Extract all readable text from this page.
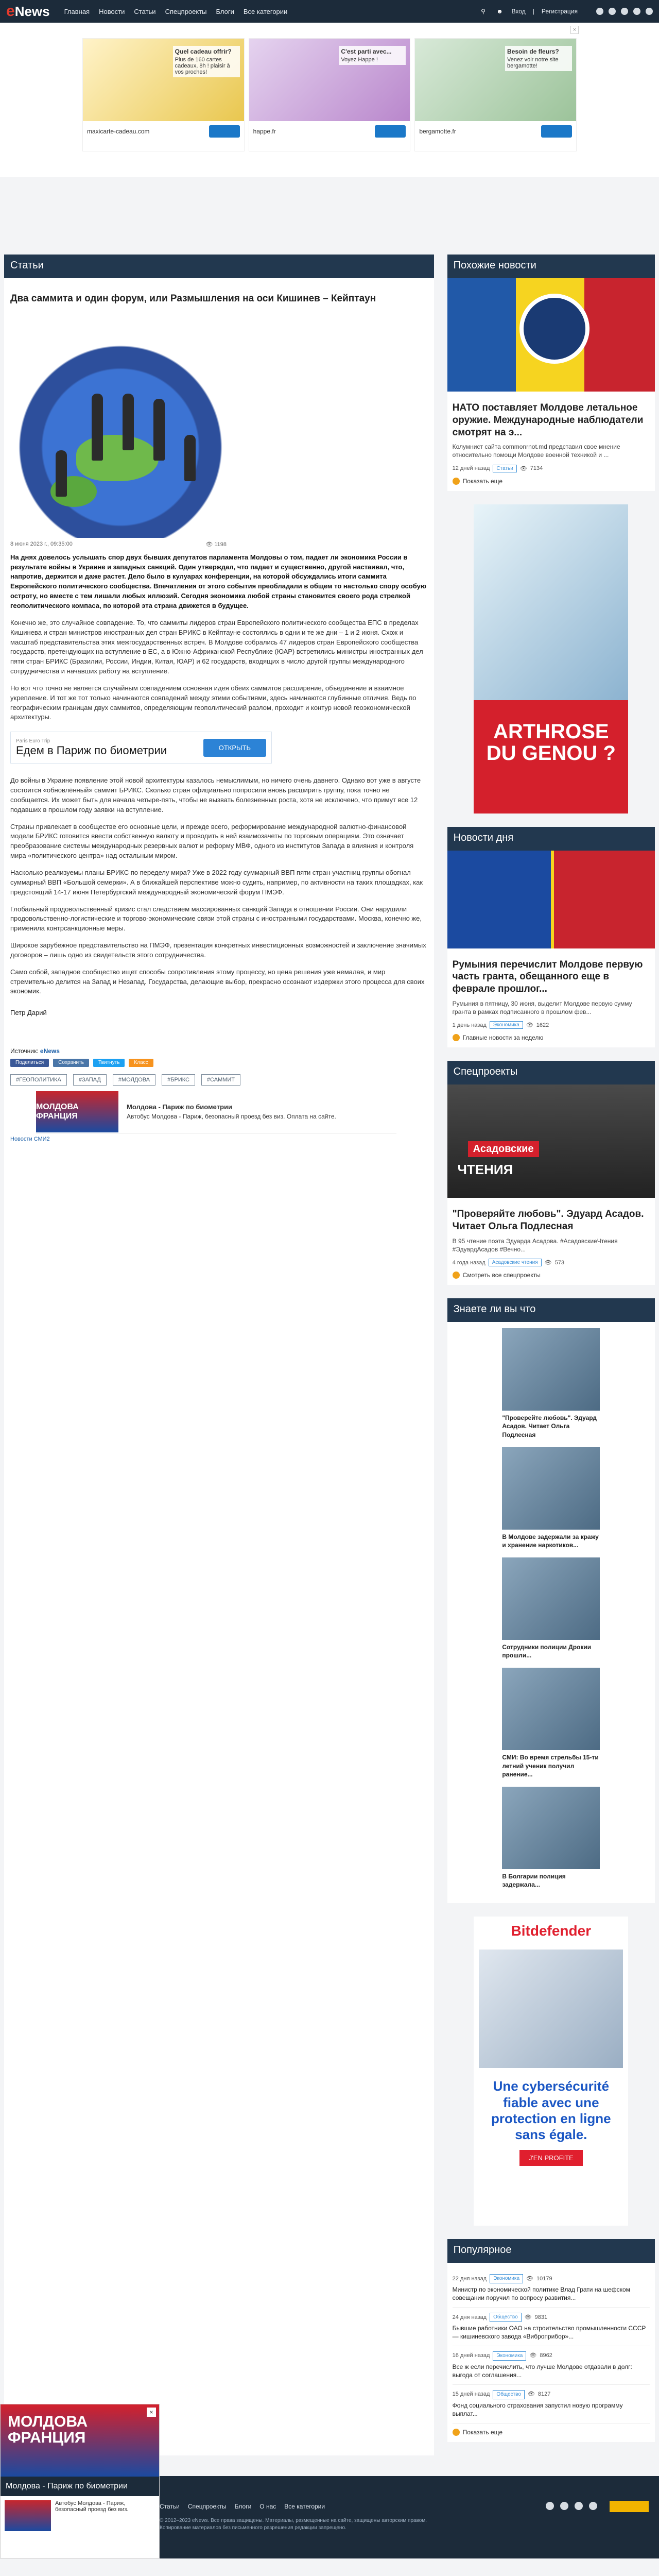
e News Главная Новости Статьи Спецпроекты Блоги Все категории	⚲	☻ Вход | Регистрация
×
Quel cadeau offrir?
Plus de 160 cartes cadeaux, 8h ! plaisir à vos proches!
maxicarte-cadeau.com
C'est parti avec...
Voyez Happe !
happe.fr
Besoin de fleurs?
Venez voir notre site bergamotte!
bergamotte.fr
Статьи
Два саммита и один форум, или Размышления на оси Кишинев – Кейптаун
8 июня 2023 г., 09:35:00	👁 1198

На днях довелось услышать спор двух бывших депутатов парламента Молдовы о том, падает ли экономика России в результате войны в Украине и западных санкций. Один утверждал, что падает и существенно, другой настаивал, что, напротив, держится и даже растет. Дело было в кулуарах конференции, на которой обсуждались итоги саммита Европейского политического сообщества. Впечатления от этого события преобладали в общем то настолько спору особую остроту, но вместе с тем лишали любых иллюзий. Сегодня экономика любой страны становится своего рода стрелкой геополитического компаса, по которой эта страна движется в будущее.

Конечно же, это случайное совпадение. То, что саммиты лидеров стран Европейского политического сообщества ЕПС в пределах Кишинева и стран министров иностранных дел стран БРИКС в Кейптауне состоялись в одни и те же дни – 1 и 2 июня. Схож и масштаб представительства этих межгосударственных встреч. В Молдове собрались 47 лидеров стран Европейского сообщества государств, претендующих на вступление в ЕС, а в Южно-Африканской Республике (ЮАР) встретились министры иностранных дел пяти стран БРИКС (Бразилии, России, Индии, Китая, ЮАР) и 62 государств, входящих в число другой группы международного сотрудничества и начавших работу на вступление.

Но вот что точно не является случайным совпадением основная идея обеих саммитов расширение, объединение и взаимное укрепление. И тот же тот только начинаются совпадений между этими событиями, здесь начинаются глубинные отличия. Ведь по географическим границам двух саммитов, определяющим геополитический разлом, проходит и контур новой геоэкономической архитектуры.

Paris Euro Trip
Едем в Париж по биометрии	ОТКРЫТЬ

До войны в Украине появление этой новой архитектуры казалось немыслимым, но ничего очень давнего. Однако вот уже в августе состоится «обновлённый» саммит БРИКС. Сколько стран официально попросили вновь расширить группу, пока точно не сообщается. Их может быть для начала четыре-пять, чтобы не вызвать болезненных роста, хотя не исключено, что примут все 12 подавших в прошлом году заявки на вступление.

Страны привлекает в сообществе его основные цели, и прежде всего, реформирование международной валютно-финансовой модели БРИКС готовится ввести собственную валюту и проводить в ней взаимозачеты по торговым операциям. Это означает преобразование системы международных резервных валют и реформу МВФ, одного из институтов Запада в влияния и контроля мира «политического центра» над остальным миром.

Насколько реализуемы планы БРИКС по переделу мира? Уже в 2022 году суммарный ВВП пяти стран-участниц группы обогнал суммарный ВВП «Большой семерки». А в ближайшей перспективе можно судить, например, по активности на таких площадках, как предстоящий 14-17 июня Петербургский международный экономический форум ПМЭФ.

Глобальный продовольственный кризис стал следствием массированных санкций Запада в отношении России. Они нарушили продовольственно-логистические и торгово-экономические связи этой страны с иностранными государствами. Москва, конечно же, применила контрсанкционные меры.

Широкое зарубежное представительство на ПМЭФ, презентация конкретных инвестиционных возможностей и заключение значимых договоров – лишь одно из свидетельств этого сотрудничества.

Само собой, западное сообщество ищет способы сопротивления этому процессу, но цена решения уже немалая, и мир стремительно делится на Запад и Незапад. Государства, делающие выбор, прекрасно осознают издержки этого процесса для своих экономик.

Петр Дарий

Источник: eNews

Поделиться	Сохранить	Твитнуть	Класс
#ГЕОПОЛИТИКА	#ЗАПАД	#МОЛДОВА	#БРИКС	#САММИТ
МОЛДОВА ФРАНЦИЯ
Молдова - Париж по биометрии
Автобус Молдова - Париж, безопасный проезд без виз. Оплата на сайте.
Новости СМИ2
Похожие новости
НАТО поставляет Молдове летальное оружие. Международные наблюдатели смотрят на э...
Колумнист сайта commonrnot.md представил свое мнение относительно помощи Молдове военной техникой и ...
12 дней назад	Статьи	👁 7134
Показать еще
ARTHROSE DU GENOU ?
Новости дня
Румыния перечислит Молдове первую часть гранта, обещанного еще в феврале прошлог...
Румыния в пятницу, 30 июня, выделит Молдове первую сумму гранта в рамках подписанного в прошлом фев...
1 день назад	Экономика	👁 1622
Главные новости за неделю
Спецпроекты
Асадовские
ЧТЕНИЯ
"Проверяйте любовь". Эдуард Асадов. Читает Ольга Подлесная
В 95 чтение поэта Эдуарда Асадова. #АсадовскиеЧтения #ЭдуардАсадов #Вечно...
4 года назад	Асадовские чтения	👁 573
Смотреть все спецпроекты
Знаете ли вы что

"Проверейте любовь". Эдуард Асадов. Читает Ольга Подлесная

В Молдове задержали за кражу и хранение наркотиков...

Сотрудники полиции Дрокии прошли...

СМИ: Во время стрельбы 15-ти летний ученик получил ранение...

В Болгарии полиция задержала...

Bitdefender
Une cybersécurité fiable avec une protection en ligne sans égale.
J'EN PROFITE
Популярное
22 дня назад	Экономика	👁 10179
Министр по экономической политике Влад Грати на шефском совещании поручил по вопросу развития...
24 дня назад	Общество	👁 9831
Бывшие работники ОАО на строительство промышленности СССР — кишиневского завода «Виброприбор»...
16 дней назад	Экономика	👁 8962
Все ж если перечислить, что лучше Молдове отдавали в долг: выгода от соглашения...
15 дней назад	Общество	👁 8127
Фонд социального страхования запустил новую программу выплат...
Показать еще
Статьи Спецпроекты Блоги О нас Все категории
© 2012–2023 eNews. Все права защищены. Материалы, размещенные на сайте, защищены авторским правом. Копирование материалов без письменного разрешения редакции запрещено.
МОЛДОВА ФРАНЦИЯ
×
Молдова - Париж по биометрии
Автобус Молдова - Париж, безопасный проезд без виз.
